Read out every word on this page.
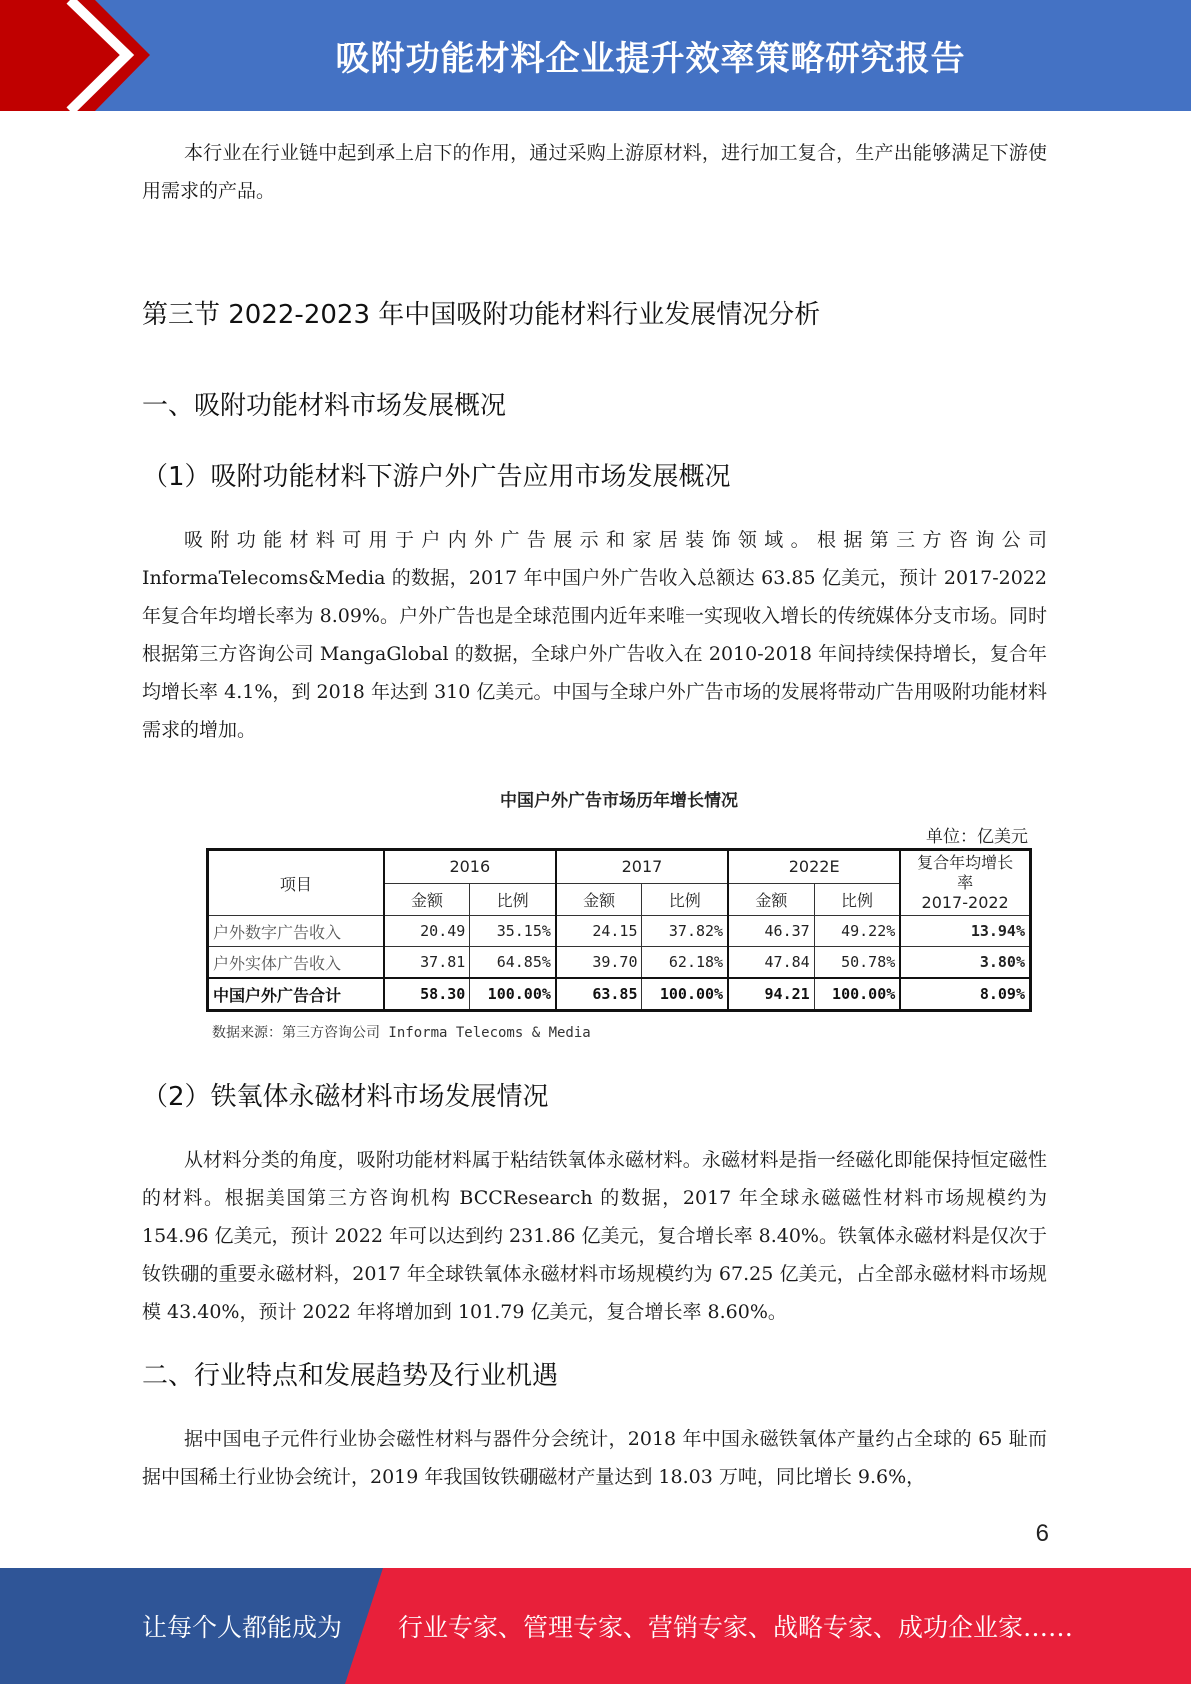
吸附功能材料企业提升效率策略研究报告
本行业在行业链中起到承上启下的作用，通过采购上游原材料，进行加工复合，生产出能够满足下游使用需求的产品。
第三节 2022-2023 年中国吸附功能材料行业发展情况分析
一、吸附功能材料市场发展概况
（1）吸附功能材料下游户外广告应用市场发展概况
吸附功能材料可用于户内外广告展示和家居装饰领域。根据第三方咨询公司 InformaTelecoms&Media 的数据，2017 年中国户外广告收入总额达 63.85 亿美元，预计 2017-2022 年复合年均增长率为 8.09%。户外广告也是全球范围内近年来唯一实现收入增长的传统媒体分支市场。同时根据第三方咨询公司 MangaGlobal 的数据，全球户外广告收入在 2010-2018 年间持续保持增长，复合年均增长率 4.1%，到 2018 年达到 310 亿美元。中国与全球户外广告市场的发展将带动广告用吸附功能材料需求的增加。
中国户外广告市场历年增长情况
单位：亿美元
项目	2016		2017		2022E		复合年均增长
率
2017-2022

	金额	比例	金额	比例	金额	比例	
户外数字广告收入	20.49	35.15%	24.15	37.82%	46.37	49.22%	13.94%
户外实体广告收入	37.81	64.85%	39.70	62.18%	47.84	50.78%	3.80%
中国户外广告合计	58.30	100.00%	63.85	100.00%	94.21	100.00%	8.09%
数据来源：第三方咨询公司 Informa Telecoms & Media
（2）铁氧体永磁材料市场发展情况
从材料分类的角度，吸附功能材料属于粘结铁氧体永磁材料。永磁材料是指一经磁化即能保持恒定磁性的材料。根据美国第三方咨询机构 BCCResearch 的数据，2017 年全球永磁磁性材料市场规模约为 154.96 亿美元，预计 2022 年可以达到约 231.86 亿美元，复合增长率 8.40%。铁氧体永磁材料是仅次于钕铁硼的重要永磁材料，2017 年全球铁氧体永磁材料市场规模约为 67.25 亿美元，占全部永磁材料市场规模 43.40%，预计 2022 年将增加到 101.79 亿美元，复合增长率 8.60%。
二、行业特点和发展趋势及行业机遇
据中国电子元件行业协会磁性材料与器件分会统计，2018 年中国永磁铁氧体产量约占全球的 65 耻而据中国稀土行业协会统计，2019 年我国钕铁硼磁材产量达到 18.03 万吨，同比增长 9.6%，
6
让每个人都能成为 行业专家、管理专家、营销专家、战略专家、成功企业家……
